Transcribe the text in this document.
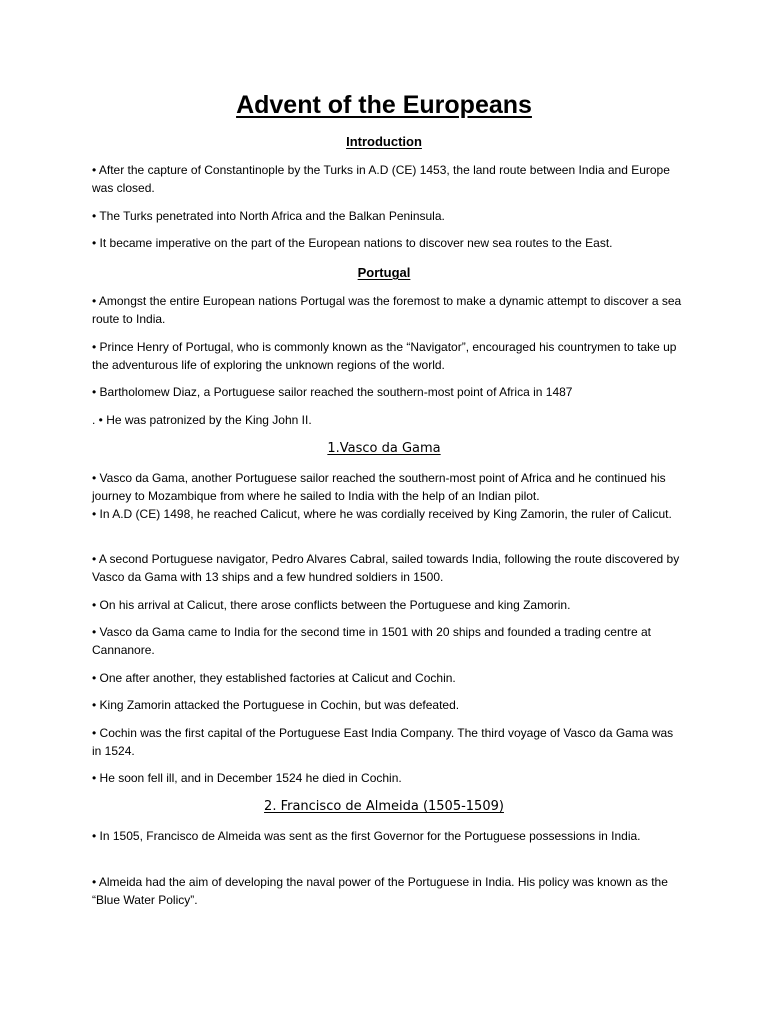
Advent of the Europeans
Introduction
• After the capture of Constantinople by the Turks in A.D (CE) 1453, the land route between India and Europe was closed.
• The Turks penetrated into North Africa and the Balkan Peninsula.
• It became imperative on the part of the European nations to discover new sea routes to the East.
Portugal
• Amongst the entire European nations Portugal was the foremost to make a dynamic attempt to discover a sea route to India.
• Prince Henry of Portugal, who is commonly known as the “Navigator”, encouraged his countrymen to take up the adventurous life of exploring the unknown regions of the world.
• Bartholomew Diaz, a Portuguese sailor reached the southern-most point of Africa in 1487
. • He was patronized by the King John II.
1.Vasco da Gama
• Vasco da Gama, another Portuguese sailor reached the southern-most point of Africa and he continued his journey to Mozambique from where he sailed to India with the help of an Indian pilot.
• In A.D (CE) 1498, he reached Calicut, where he was cordially received by King Zamorin, the ruler of Calicut.
• A second Portuguese navigator, Pedro Alvares Cabral, sailed towards India, following the route discovered by Vasco da Gama with 13 ships and a few hundred soldiers in 1500.
• On his arrival at Calicut, there arose conflicts between the Portuguese and king Zamorin.
• Vasco da Gama came to India for the second time in 1501 with 20 ships and founded a trading centre at Cannanore.
• One after another, they established factories at Calicut and Cochin.
• King Zamorin attacked the Portuguese in Cochin, but was defeated.
• Cochin was the first capital of the Portuguese East India Company. The third voyage of Vasco da Gama was in 1524.
• He soon fell ill, and in December 1524 he died in Cochin.
2. Francisco de Almeida (1505-1509)
• In 1505, Francisco de Almeida was sent as the first Governor for the Portuguese possessions in India.
• Almeida had the aim of developing the naval power of the Portuguese in India. His policy was known as the “Blue Water Policy”.
